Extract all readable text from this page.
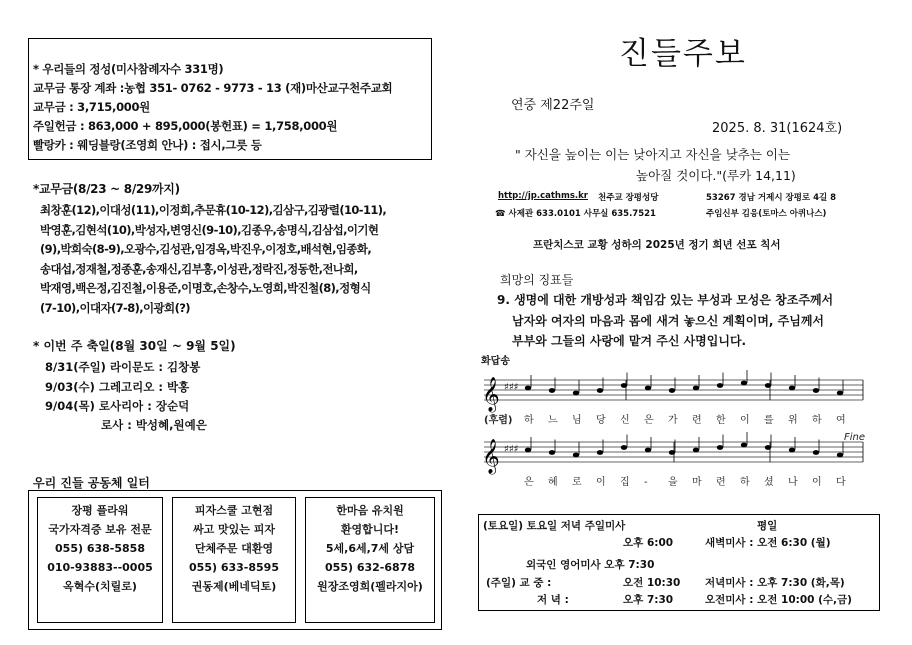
* 우리들의 정성(미사참례자수 331명)
교무금 통장 계좌 :농협 351- 0762 - 9773 - 13 (재)마산교구천주교회
교무금 : 3,715,000원
주일헌금 : 863,000 + 895,000(봉헌표) = 1,758,000원
빨랑카 : 웨딩블랑(조영희 안나) : 접시,그릇 등
*교무금(8/23 ~ 8/29까지)
최창훈(12),이대성(11),이정희,추문휴(10-12),김삼구,김광렬(10-11),
박영훈,김현석(10),박성자,변영신(9-10),김종우,송명식,김삼섭,이기현
(9),박희숙(8-9),오광수,김성관,임경옥,박진우,이정호,배석현,임종화,
송대섭,정재철,정종훈,송재신,김부홍,이성관,정락진,정동한,전나희,
박재영,백은정,김진철,이용준,이명호,손창수,노영희,박진철(8),정형식
(7-10),이대자(7-8),이광희(?)
* 이번 주 축일(8월 30일 ~ 9월 5일)
8/31(주일) 라이문도 : 김창봉
9/03(수) 그레고리오 : 박홍
9/04(목) 로사리아 : 장순덕
로사 : 박성혜,원예은
우리 진들 공동체 일터
장평 플라워
국가자격증 보유 전문
055) 638-5858
010-93883--0005
옥혁수(치릴로)
피자스쿨 고현점
싸고 맛있는 피자
단체주문 대환영
055) 633-8595
권동제(베네딕토)
한마음 유치원
환영합니다!
5세,6세,7세 상담
055) 632-6878
원장조영희(펠라지아)
진들주보
연중 제22주일
2025. 8. 31(1624호)
" 자신을 높이는 이는 낮아지고 자신을 낮추는 이는
높아질 것이다."(루카 14,11)
http://jp.cathms.kr 천주교 장평성당	53267 경남 거제시 장평로 4길 8
☎ 사제관 633.0101 사무실 635.7521	주임신부 김응(토마스 아퀴나스)
프란치스코 교황 성하의 2025년 정기 희년 선포 칙서
희망의 징표들
9. 생명에 대한 개방성과 책임감 있는 부성과 모성은 창조주께서
남자와 여자의 마음과 몸에 새겨 놓으신 계획이며, 주님께서
부부와 그들의 사랑에 맡겨 주신 사명입니다.
화답송
𝄞 ♯♯♯
𝄞 ♯♯♯
(후렴)
Fine
하 느 님 당 신 은 가 련 한 이 를 위 하 여
은 혜 로 이 집 - 을 마 련 하 셨 나 이 다
(토요일) 토요일 저녁 주일미사	평일
오후 6:00	새벽미사 : 오전 6:30 (월)
외국인 영어미사 오후 7:30
(주일) 교 중 :	오전 10:30 저녁미사 : 오후 7:30 (화,목)
저 녁 :	오후 7:30	오전미사 : 오전 10:00 (수,금)
